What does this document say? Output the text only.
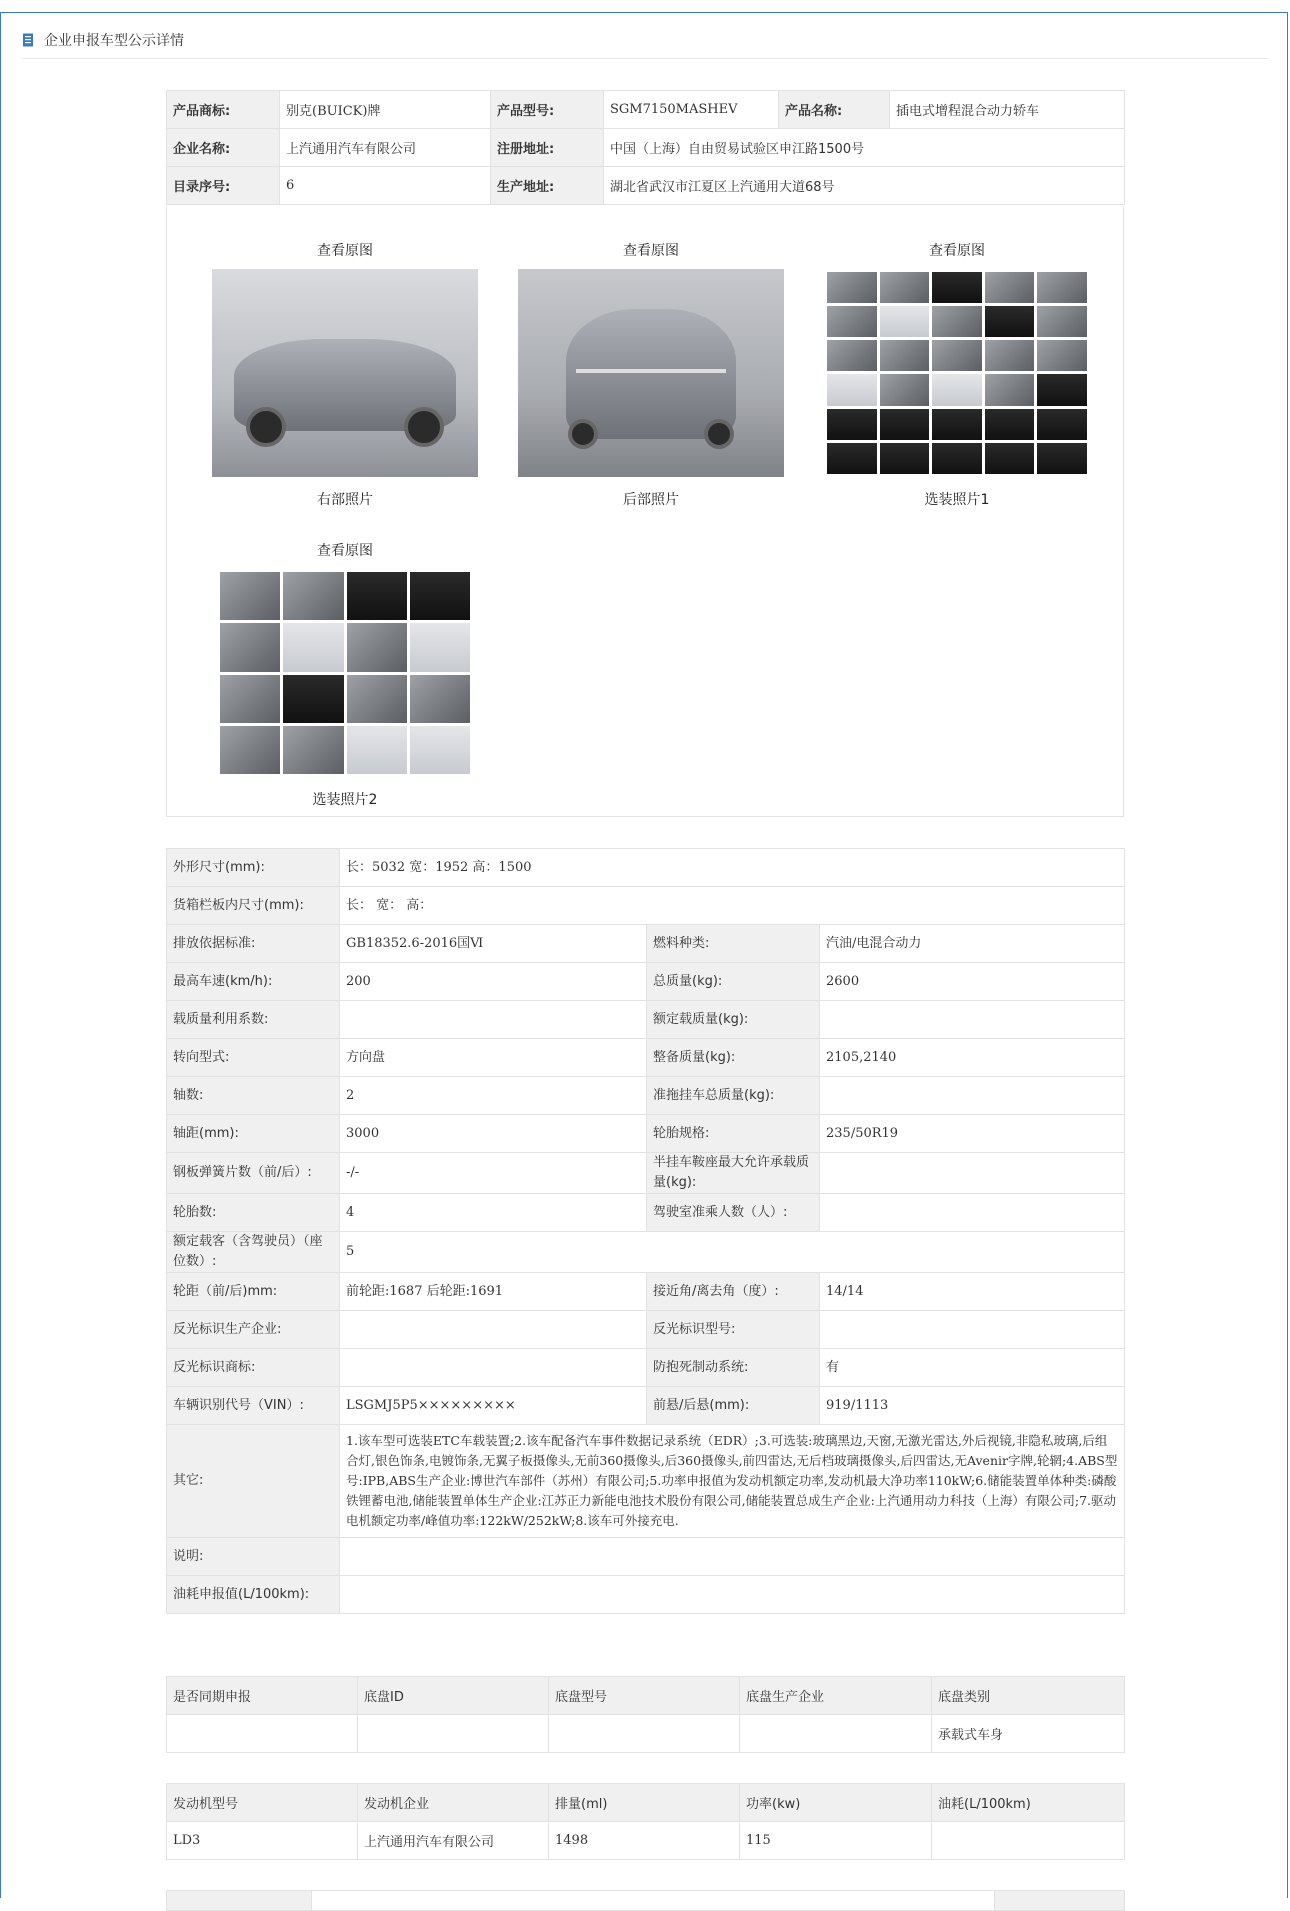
企业申报车型公示详情
产品商标:	别克(BUICK)牌	产品型号:	SGM7150MASHEV	产品名称:	插电式增程混合动力轿车
企业名称:	上汽通用汽车有限公司	注册地址:	中国（上海）自由贸易试验区申江路1500号		
目录序号:	6	生产地址:	湖北省武汉市江夏区上汽通用大道68号		
查看原图
右部照片
查看原图
后部照片
查看原图
选装照片1
查看原图
选装照片2
外形尺寸(mm):	长：5032 宽：1952 高：1500		
货箱栏板内尺寸(mm):	长： 宽： 高：		
排放依据标准:	GB18352.6-2016国Ⅵ	燃料种类:	汽油/电混合动力
最高车速(km/h):	200	总质量(kg):	2600
载质量利用系数:		额定载质量(kg):	
转向型式:	方向盘	整备质量(kg):	2105,2140
轴数:	2	准拖挂车总质量(kg):	
轴距(mm):	3000	轮胎规格:	235/50R19
钢板弹簧片数（前/后）:	-/-	半挂车鞍座最大允许承载质量(kg):	
轮胎数:	4	驾驶室准乘人数（人）:	
额定载客（含驾驶员）（座位数）:	5		
轮距（前/后)mm:	前轮距:1687 后轮距:1691	接近角/离去角（度）:	14/14
反光标识生产企业:		反光标识型号:	
反光标识商标:		防抱死制动系统:	有
车辆识别代号（VIN）:	LSGMJ5P5×××××××××	前悬/后悬(mm):	919/1113
其它:	1.该车型可选装ETC车载装置;2.该车配备汽车事件数据记录系统（EDR）;3.可选装:玻璃黑边,天窗,无激光雷达,外后视镜,非隐私玻璃,后组合灯,银色饰条,电镀饰条,无翼子板摄像头,无前360摄像头,后360摄像头,前四雷达,无后档玻璃摄像头,后四雷达,无Avenir字牌,轮辋;4.ABS型号:IPB,ABS生产企业:博世汽车部件（苏州）有限公司;5.功率申报值为发动机额定功率,发动机最大净功率110kW;6.储能装置单体种类:磷酸铁锂蓄电池,储能装置单体生产企业:江苏正力新能电池技术股份有限公司,储能装置总成生产企业:上汽通用动力科技（上海）有限公司;7.驱动电机额定功率/峰值功率:122kW/252kW;8.该车可外接充电.		
说明:			
油耗申报值(L/100km):			
是否同期申报	底盘ID	底盘型号	底盘生产企业	底盘类别
				承载式车身
发动机型号	发动机企业	排量(ml)	功率(kw)	油耗(L/100km)
LD3	上汽通用汽车有限公司	1498	115	
